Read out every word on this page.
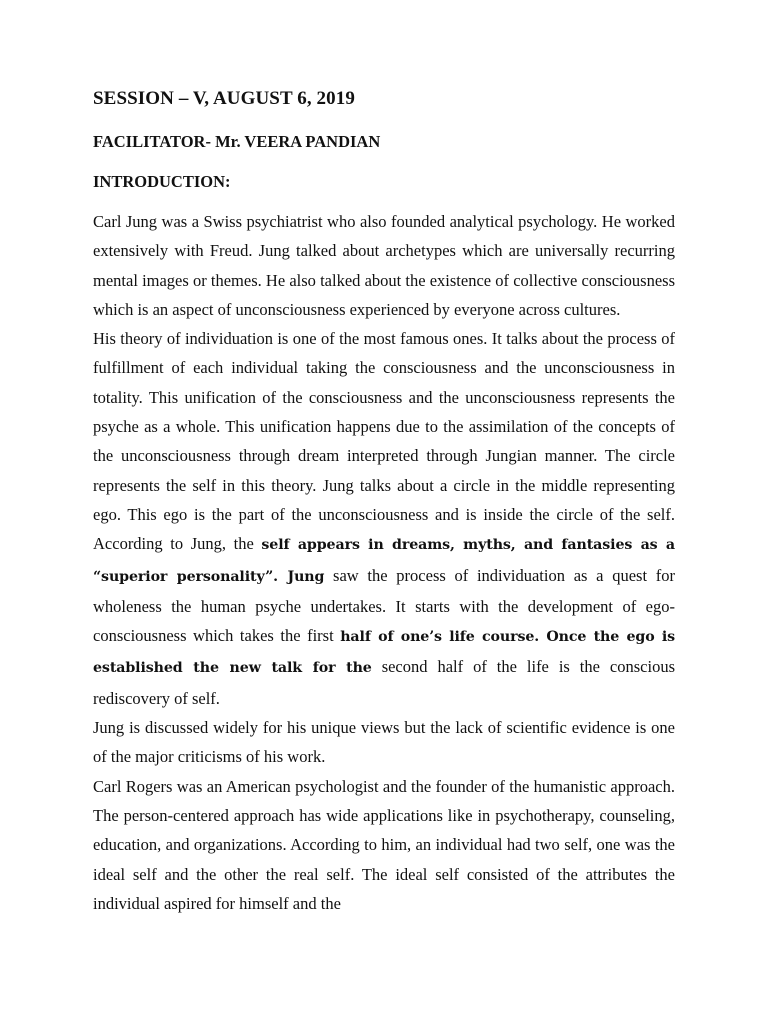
SESSION – V, AUGUST 6, 2019
FACILITATOR- Mr. VEERA PANDIAN
INTRODUCTION:

Carl Jung was a Swiss psychiatrist who also founded analytical psychology. He worked extensively with Freud. Jung talked about archetypes which are universally recurring mental images or themes. He also talked about the existence of collective consciousness which is an aspect of unconsciousness experienced by everyone across cultures.

His theory of individuation is one of the most famous ones. It talks about the process of fulfillment of each individual taking the consciousness and the unconsciousness in totality. This unification of the consciousness and the unconsciousness represents the psyche as a whole. This unification happens due to the assimilation of the concepts of the unconsciousness through dream interpreted through Jungian manner. The circle represents the self in this theory. Jung talks about a circle in the middle representing ego. This ego is the part of the unconsciousness and is inside the circle of the self. According to Jung, the self appears in dreams, myths, and fantasies as a “superior personality”. Jung saw the process of individuation as a quest for wholeness the human psyche undertakes. It starts with the development of ego-consciousness which takes the first half of one’s life course. Once the ego is established the new talk for the second half of the life is the conscious rediscovery of self.

Jung is discussed widely for his unique views but the lack of scientific evidence is one of the major criticisms of his work.

Carl Rogers was an American psychologist and the founder of the humanistic approach. The person-centered approach has wide applications like in psychotherapy, counseling, education, and organizations. According to him, an individual had two self, one was the ideal self and the other the real self. The ideal self consisted of the attributes the individual aspired for himself and the
